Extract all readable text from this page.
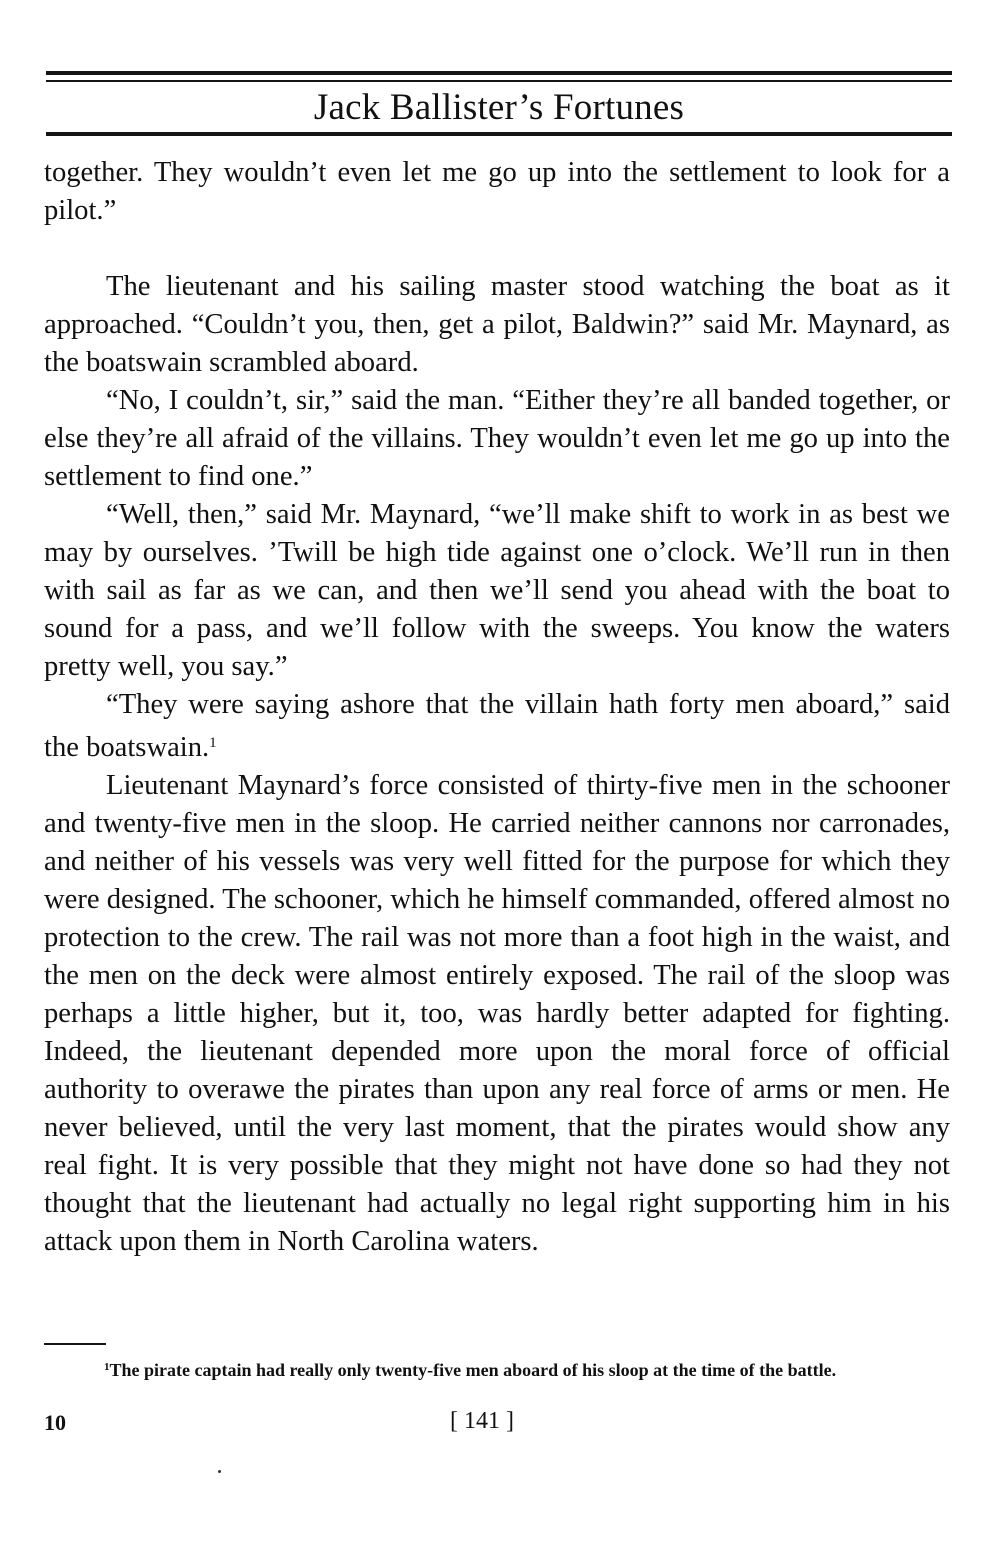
Jack Ballister’s Fortunes

together. They wouldn’t even let me go up into the settlement to look for a pilot.”

The lieutenant and his sailing master stood watching the boat as it approached. “Couldn’t you, then, get a pilot, Baldwin?” said Mr. Maynard, as the boatswain scrambled aboard.

“No, I couldn’t, sir,” said the man. “Either they’re all banded together, or else they’re all afraid of the villains. They wouldn’t even let me go up into the settlement to find one.”

“Well, then,” said Mr. Maynard, “we’ll make shift to work in as best we may by ourselves. ’Twill be high tide against one o’clock. We’ll run in then with sail as far as we can, and then we’ll send you ahead with the boat to sound for a pass, and we’ll follow with the sweeps. You know the waters pretty well, you say.”

“They were saying ashore that the villain hath forty men aboard,” said the boatswain.$^1$

Lieutenant Maynard’s force consisted of thirty-five men in the schooner and twenty-five men in the sloop. He carried neither cannons nor carronades, and neither of his vessels was very well fitted for the purpose for which they were designed. The schooner, which he himself commanded, offered almost no protection to the crew. The rail was not more than a foot high in the waist, and the men on the deck were almost entirely exposed. The rail of the sloop was perhaps a little higher, but it, too, was hardly better adapted for fighting. Indeed, the lieutenant depended more upon the moral force of official authority to overawe the pirates than upon any real force of arms or men. He never believed, until the very last moment, that the pirates would show any real fight. It is very possible that they might not have done so had they not thought that the lieutenant had actually no legal right supporting him in his attack upon them in North Carolina waters.

$^1$The pirate captain had really only twenty-five men aboard of his sloop at the time of the battle.
10	[ 141 ]
